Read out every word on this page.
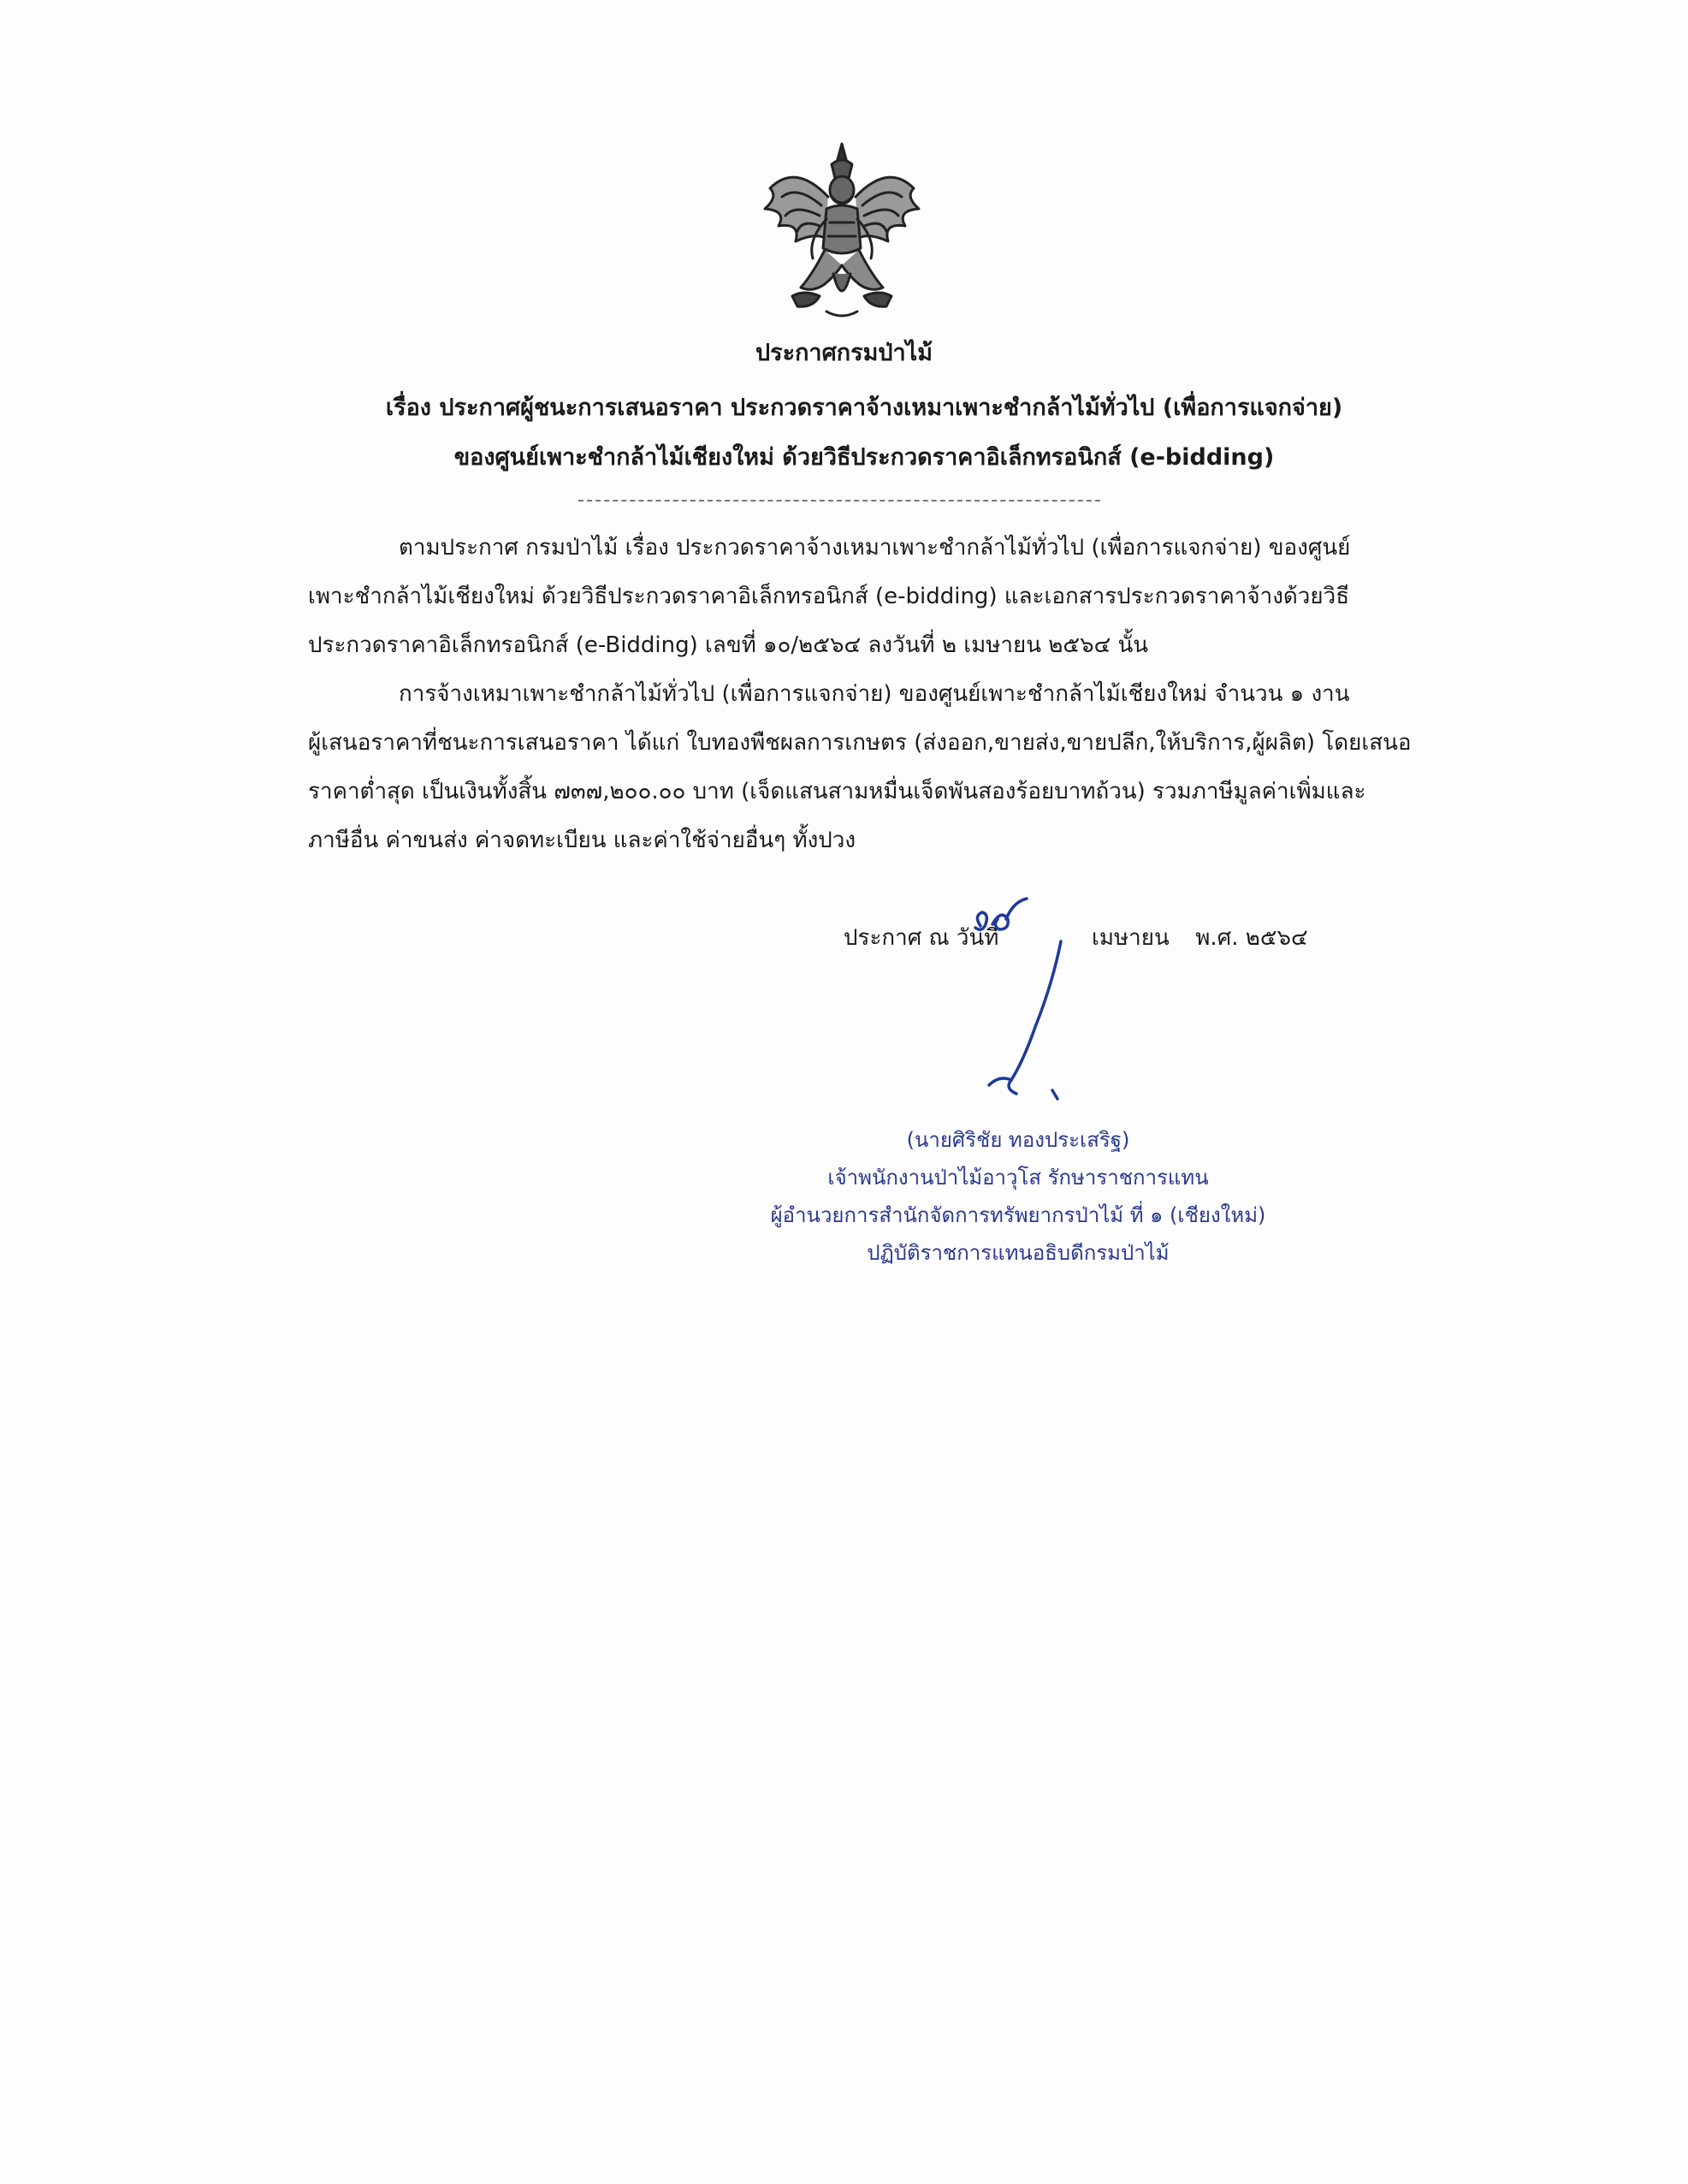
ประกาศกรมป่าไม้
เรื่อง ประกาศผู้ชนะการเสนอราคา ประกวดราคาจ้างเหมาเพาะชำกล้าไม้ทั่วไป (เพื่อการแจกจ่าย)
ของศูนย์เพาะชำกล้าไม้เชียงใหม่ ด้วยวิธีประกวดราคาอิเล็กทรอนิกส์ (e-bidding)
ตามประกาศ กรมป่าไม้ เรื่อง ประกวดราคาจ้างเหมาเพาะชำกล้าไม้ทั่วไป (เพื่อการแจกจ่าย) ของศูนย์
เพาะชำกล้าไม้เชียงใหม่ ด้วยวิธีประกวดราคาอิเล็กทรอนิกส์ (e-bidding) และเอกสารประกวดราคาจ้างด้วยวิธี
ประกวดราคาอิเล็กทรอนิกส์ (e-Bidding) เลขที่ ๑๐/๒๕๖๔ ลงวันที่ ๒ เมษายน ๒๕๖๔ นั้น
การจ้างเหมาเพาะชำกล้าไม้ทั่วไป (เพื่อการแจกจ่าย) ของศูนย์เพาะชำกล้าไม้เชียงใหม่ จำนวน ๑ งาน
ผู้เสนอราคาที่ชนะการเสนอราคา ได้แก่ ใบทองพืชผลการเกษตร (ส่งออก,ขายส่ง,ขายปลีก,ให้บริการ,ผู้ผลิต) โดยเสนอ
ราคาต่ำสุด เป็นเงินทั้งสิ้น ๗๓๗,๒๐๐.๐๐ บาท (เจ็ดแสนสามหมื่นเจ็ดพันสองร้อยบาทถ้วน) รวมภาษีมูลค่าเพิ่มและ
ภาษีอื่น ค่าขนส่ง ค่าจดทะเบียน และค่าใช้จ่ายอื่นๆ ทั้งปวง
ประกาศ ณ วันที่	เมษายน พ.ศ. ๒๕๖๔
(นายศิริชัย ทองประเสริฐ)
เจ้าพนักงานป่าไม้อาวุโส รักษาราชการแทน
ผู้อำนวยการสำนักจัดการทรัพยากรป่าไม้ ที่ ๑ (เชียงใหม่)
ปฏิบัติราชการแทนอธิบดีกรมป่าไม้
